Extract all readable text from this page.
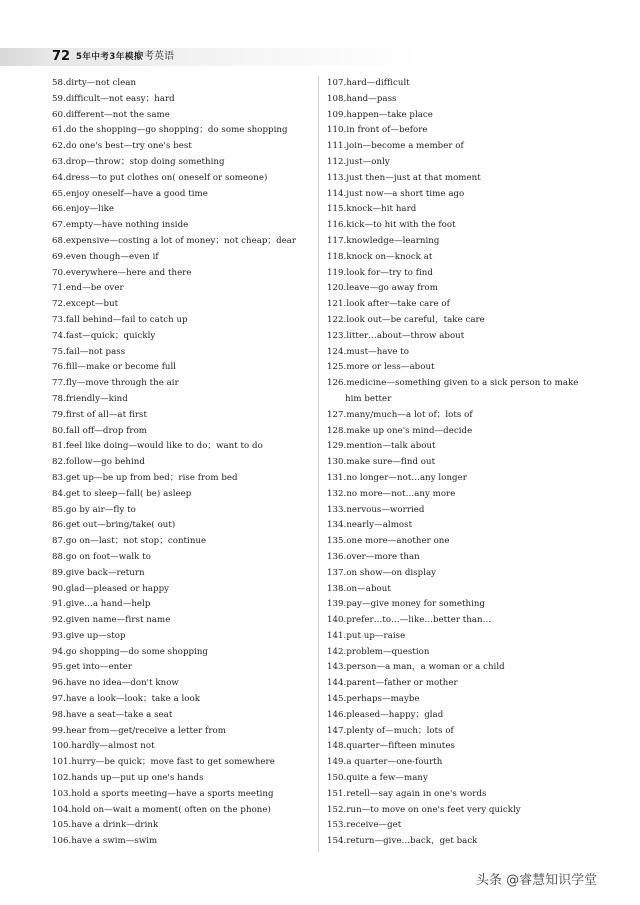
72 5年中考3年模拟
中考英语
58.dirty—not clean
59.difficult—not easy；hard
60.different—not the same
61.do the shopping—go shopping；do some shopping
62.do one's best—try one's best
63.drop—throw；stop doing something
64.dress—to put clothes on( oneself or someone)
65.enjoy oneself—have a good time
66.enjoy—like
67.empty—have nothing inside
68.expensive—costing a lot of money；not cheap；dear
69.even though—even if
70.everywhere—here and there
71.end—be over
72.except—but
73.fall behind—fail to catch up
74.fast—quick；quickly
75.fail—not pass
76.fill—make or become full
77.fly—move through the air
78.friendly—kind
79.first of all—at first
80.fall off—drop from
81.feel like doing—would like to do；want to do
82.follow—go behind
83.get up—be up from bed；rise from bed
84.get to sleep—fall( be) asleep
85.go by air—fly to
86.get out—bring/take( out)
87.go on—last；not stop；continue
88.go on foot—walk to
89.give back—return
90.glad—pleased or happy
91.give…a hand—help
92.given name—first name
93.give up—stop
94.go shopping—do some shopping
95.get into—enter
96.have no idea—don't know
97.have a look—look；take a look
98.have a seat—take a seat
99.hear from—get/receive a letter from
100.hardly—almost not
101.hurry—be quick；move fast to get somewhere
102.hands up—put up one's hands
103.hold a sports meeting—have a sports meeting
104.hold on—wait a moment( often on the phone)
105.have a drink—drink
106.have a swim—swim
107.hard—difficult
108.hand—pass
109.happen—take place
110.in front of—before
111.join—become a member of
112.just—only
113.just then—just at that moment
114.just now—a short time ago
115.knock—hit hard
116.kick—to hit with the foot
117.knowledge—learning
118.knock on—knock at
119.look for—try to find
120.leave—go away from
121.look after—take care of
122.look out—be careful，take care
123.litter…about—throw about
124.must—have to
125.more or less—about
126.medicine—something given to a sick person to make
him better
127.many/much—a lot of；lots of
128.make up one's mind—decide
129.mention—talk about
130.make sure—find out
131.no longer—not…any longer
132.no more—not…any more
133.nervous—worried
134.nearly—almost
135.one more—another one
136.over—more than
137.on show—on display
138.on—about
139.pay—give money for something
140.prefer…to…—like…better than…
141.put up—raise
142.problem—question
143.person—a man，a woman or a child
144.parent—father or mother
145.perhaps—maybe
146.pleased—happy；glad
147.plenty of—much；lots of
148.quarter—fifteen minutes
149.a quarter—one-fourth
150.quite a few—many
151.retell—say again in one's words
152.run—to move on one's feet very quickly
153.receive—get
154.return—give…back，get back
头条 @睿慧知识学堂
